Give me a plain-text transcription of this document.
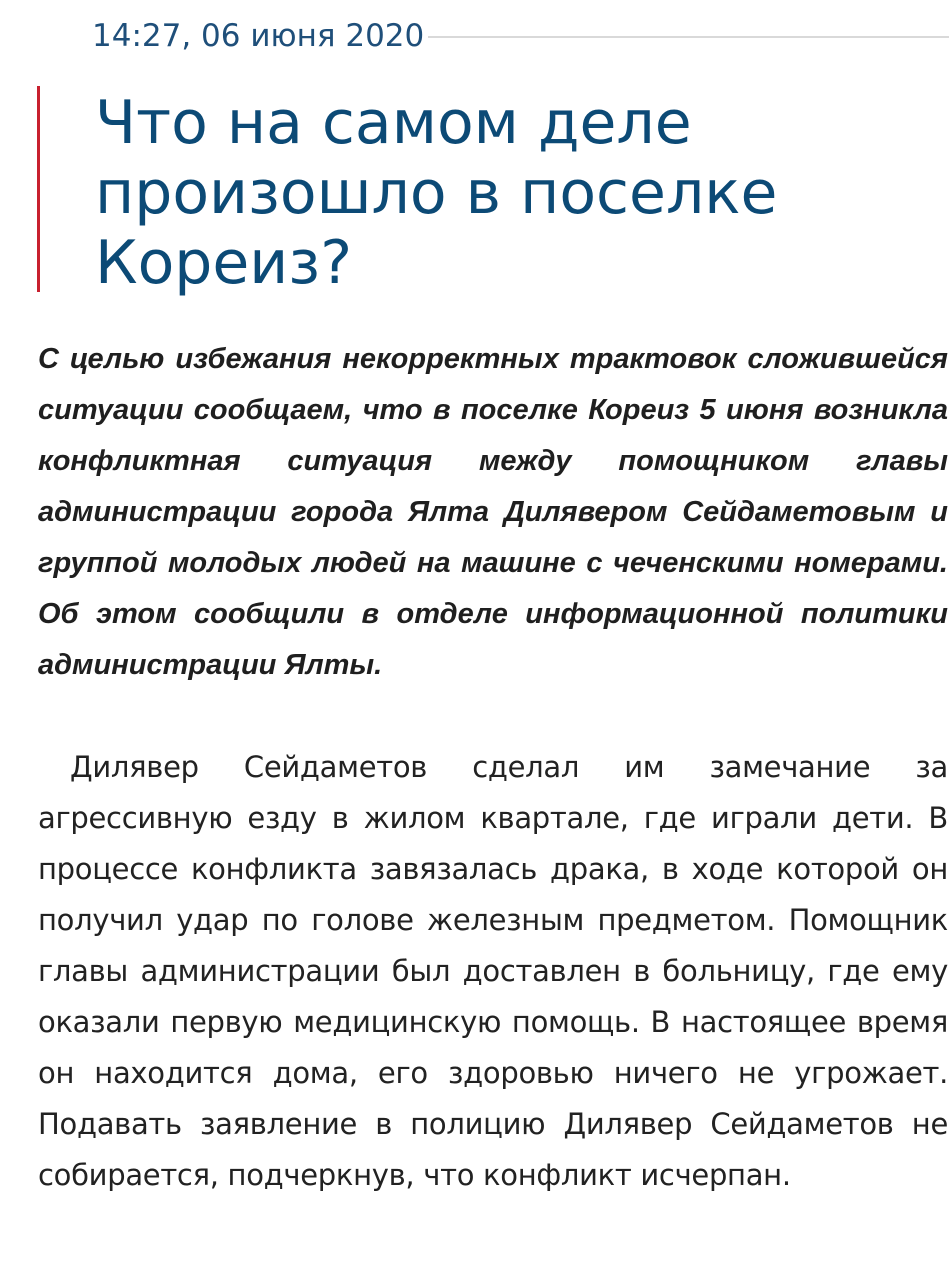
14:27, 06 июня 2020
Что на самом деле произошло в поселке Кореиз?

С целью избежания некорректных трактовок сложившейся ситуации сообщаем, что в поселке Кореиз 5 июня возникла конфликтная ситуация между помощником главы администрации города Ялта Дилявером Сейдаметовым и группой молодых людей на машине с чеченскими номерами. Об этом сообщили в отделе информационной политики администрации Ялты.

Дилявер Сейдаметов сделал им замечание за агрессивную езду в жилом квартале, где играли дети. В процессе конфликта завязалась драка, в ходе которой он получил удар по голове железным предметом. Помощник главы администрации был доставлен в больницу, где ему оказали первую медицинскую помощь. В настоящее время он находится дома, его здоровью ничего не угрожает. Подавать заявление в полицию Дилявер Сейдаметов не собирается, подчеркнув, что конфликт исчерпан.
